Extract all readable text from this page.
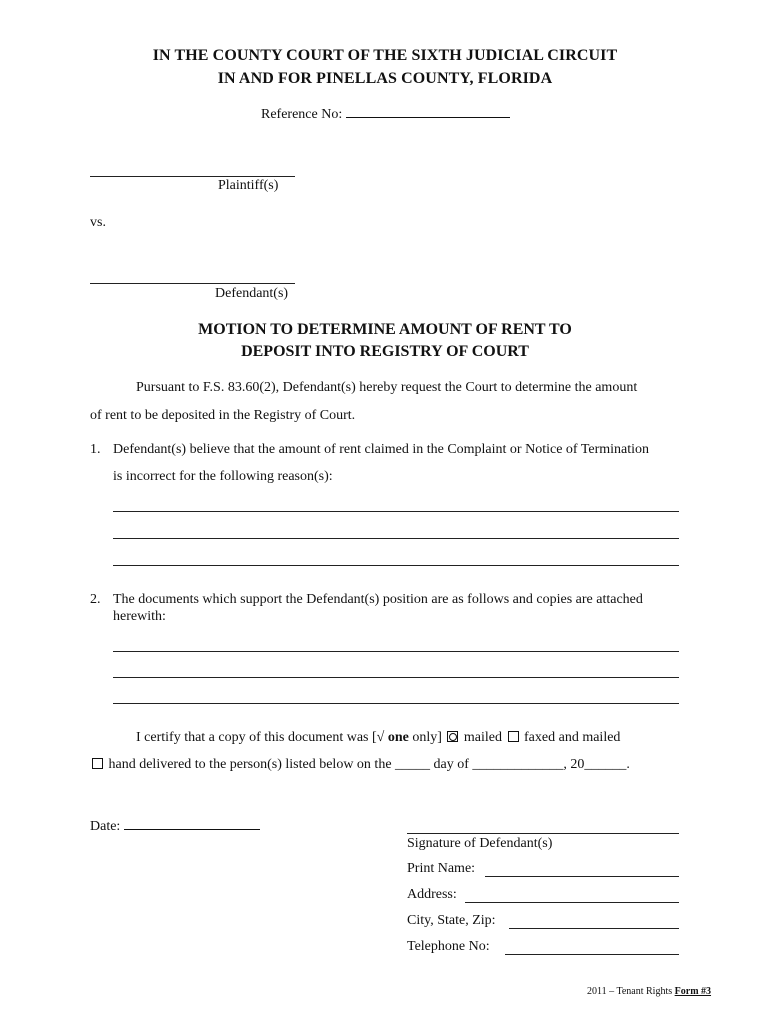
IN THE COUNTY COURT OF THE SIXTH JUDICIAL CIRCUIT
IN AND FOR PINELLAS COUNTY, FLORIDA
Reference No:
Plaintiff(s)
vs.
Defendant(s)
MOTION TO DETERMINE AMOUNT OF RENT TO
DEPOSIT INTO REGISTRY OF COURT
Pursuant to F.S. 83.60(2), Defendant(s) hereby request the Court to determine the amount
of rent to be deposited in the Registry of Court.
1. Defendant(s) believe that the amount of rent claimed in the Complaint or Notice of Termination
is incorrect for the following reason(s):
2. The documents which support the Defendant(s) position are as follows and copies are attached
herewith:
I certify that a copy of this document was [√ one only] mailed faxed and mailed
hand delivered to the person(s) listed below on the _____ day of _____________, 20______.
Date:
Signature of Defendant(s)
Print Name:
Address:
City, State, Zip:
Telephone No:
2011 – Tenant Rights Form #3
